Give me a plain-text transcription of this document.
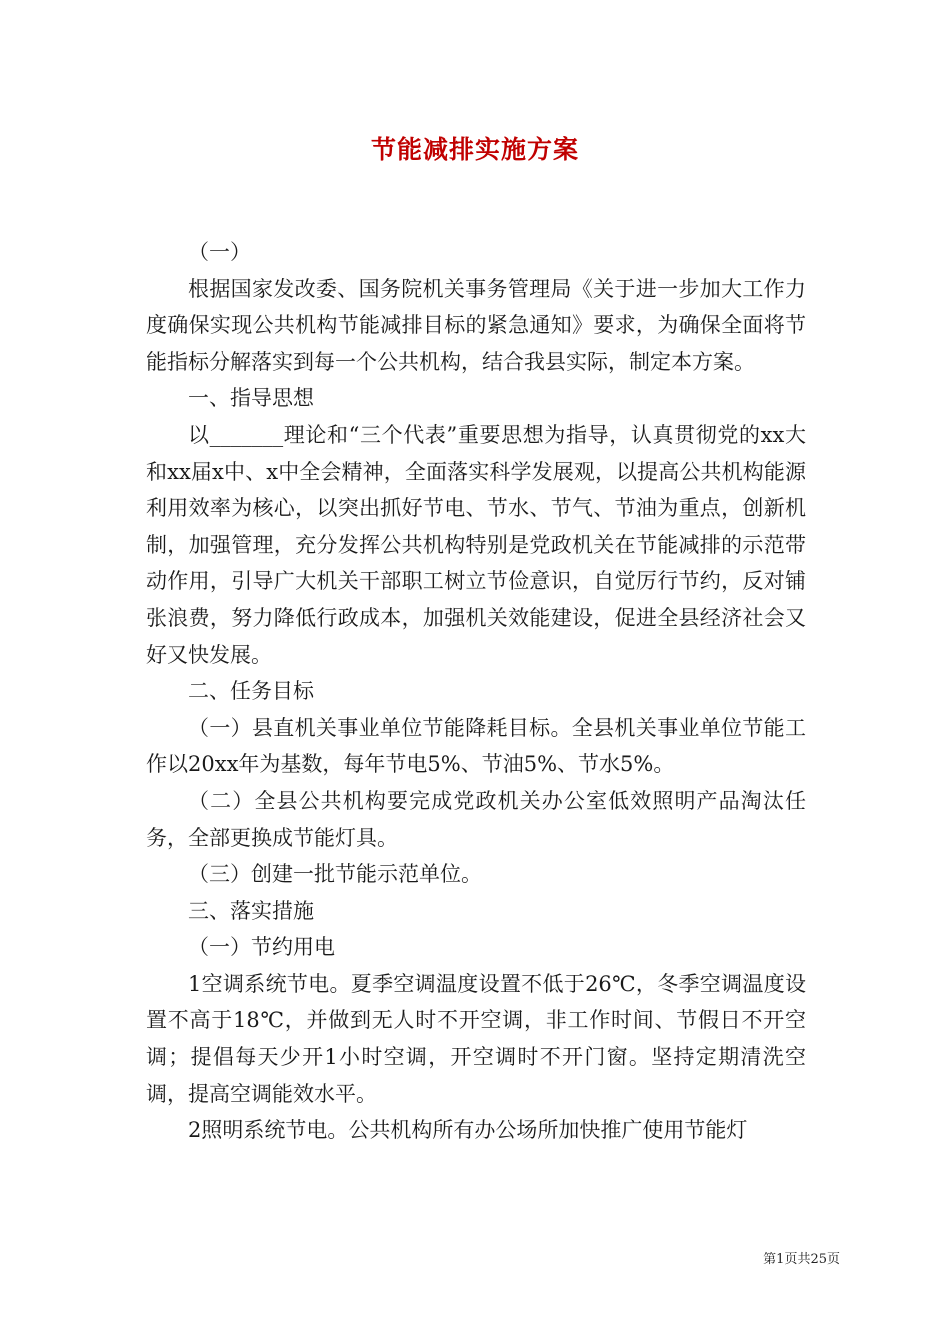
节能减排实施方案

（一）

根据国家发改委、国务院机关事务管理局《关于进一步加大工作力度确保实现公共机构节能减排目标的紧急通知》要求，为确保全面将节能指标分解落实到每一个公共机构，结合我县实际，制定本方案。

一、指导思想

以_______理论和“三个代表”重要思想为指导，认真贯彻党的xx大和xx届x中、x中全会精神，全面落实科学发展观，以提高公共机构能源利用效率为核心，以突出抓好节电、节水、节气、节油为重点，创新机制，加强管理，充分发挥公共机构特别是党政机关在节能减排的示范带动作用，引导广大机关干部职工树立节俭意识，自觉厉行节约，反对铺张浪费，努力降低行政成本，加强机关效能建设，促进全县经济社会又好又快发展。

二、任务目标

（一）县直机关事业单位节能降耗目标。全县机关事业单位节能工作以20xx年为基数，每年节电5%、节油5%、节水5%。

（二）全县公共机构要完成党政机关办公室低效照明产品淘汰任务，全部更换成节能灯具。

（三）创建一批节能示范单位。

三、落实措施

（一）节约用电

1空调系统节电。夏季空调温度设置不低于26℃，冬季空调温度设置不高于18℃，并做到无人时不开空调，非工作时间、节假日不开空调；提倡每天少开1小时空调，开空调时不开门窗。坚持定期清洗空调，提高空调能效水平。

2照明系统节电。公共机构所有办公场所加快推广使用节能灯

第1页共25页
